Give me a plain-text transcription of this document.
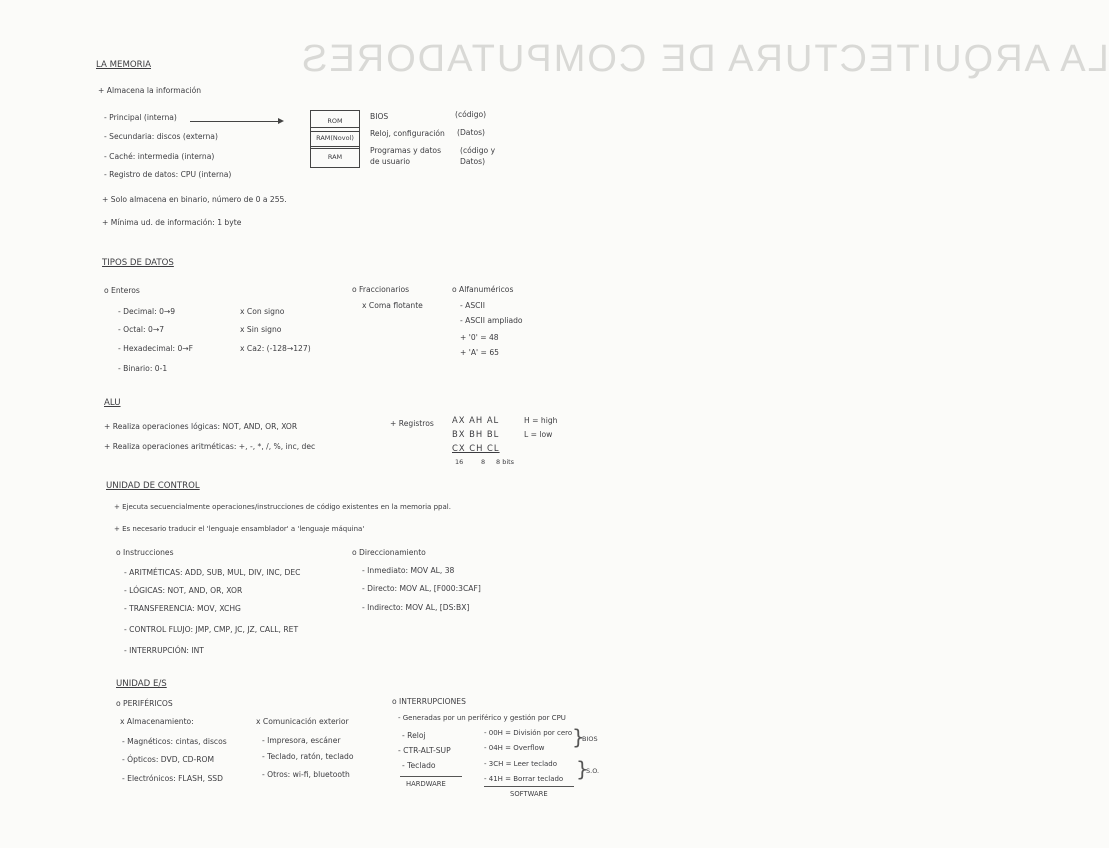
LA ARQUITECTURA DE COMPUTADORES
LA MEMORIA
+ Almacena la información
- Principal (interna)
- Secundaria: discos (externa)
- Caché: intermedia (interna)
- Registro de datos: CPU (interna)
ROM
RAM(Novol)
RAM
BIOS
Reloj, configuración
Programas y datos de usuario
(código)
(Datos)
(código y Datos)
+ Solo almacena en binario, número de 0 a 255.
+ Mínima ud. de información: 1 byte
TIPOS DE DATOS
o Enteros
- Decimal: 0→9
- Octal: 0→7
- Hexadecimal: 0→F
- Binario: 0-1
x Con signo
x Sin signo
x Ca2: (-128→127)
o Fraccionarios
x Coma flotante
o Alfanuméricos
- ASCII
- ASCII ampliado
+ '0' = 48
+ 'A' = 65
ALU
+ Realiza operaciones lógicas: NOT, AND, OR, XOR
+ Realiza operaciones aritméticas: +, -, *, /, %, inc, dec
+ Registros AX AH AL
BX BH BL
CX CH CL
16	8 8 bits
H = high
L = low
UNIDAD DE CONTROL
+ Ejecuta secuencialmente operaciones/instrucciones de código existentes en la memoria ppal.
+ Es necesario traducir el 'lenguaje ensamblador' a 'lenguaje máquina'
o Instrucciones
- ARITMÉTICAS: ADD, SUB, MUL, DIV, INC, DEC
- LÓGICAS: NOT, AND, OR, XOR
- TRANSFERENCIA: MOV, XCHG
- CONTROL FLUJO: JMP, CMP, JC, JZ, CALL, RET
- INTERRUPCIÓN: INT
o Direccionamiento
- Inmediato: MOV AL, 38
- Directo: MOV AL, [F000:3CAF]
- Indirecto: MOV AL, [DS:BX]
UNIDAD E/S
o PERIFÉRICOS
x Almacenamiento:
- Magnéticos: cintas, discos
- Ópticos: DVD, CD-ROM
- Electrónicos: FLASH, SSD
x Comunicación exterior
- Impresora, escáner
- Teclado, ratón, teclado
- Otros: wi-fi, bluetooth
o INTERRUPCIONES
- Generadas por un periférico y gestión por CPU
- Reloj
- CTR-ALT-SUP
- Teclado
HARDWARE
- 00H = División por cero
- 04H = Overflow
- 3CH = Leer teclado
- 41H = Borrar teclado
SOFTWARE
}
BIOS
}
S.O.
